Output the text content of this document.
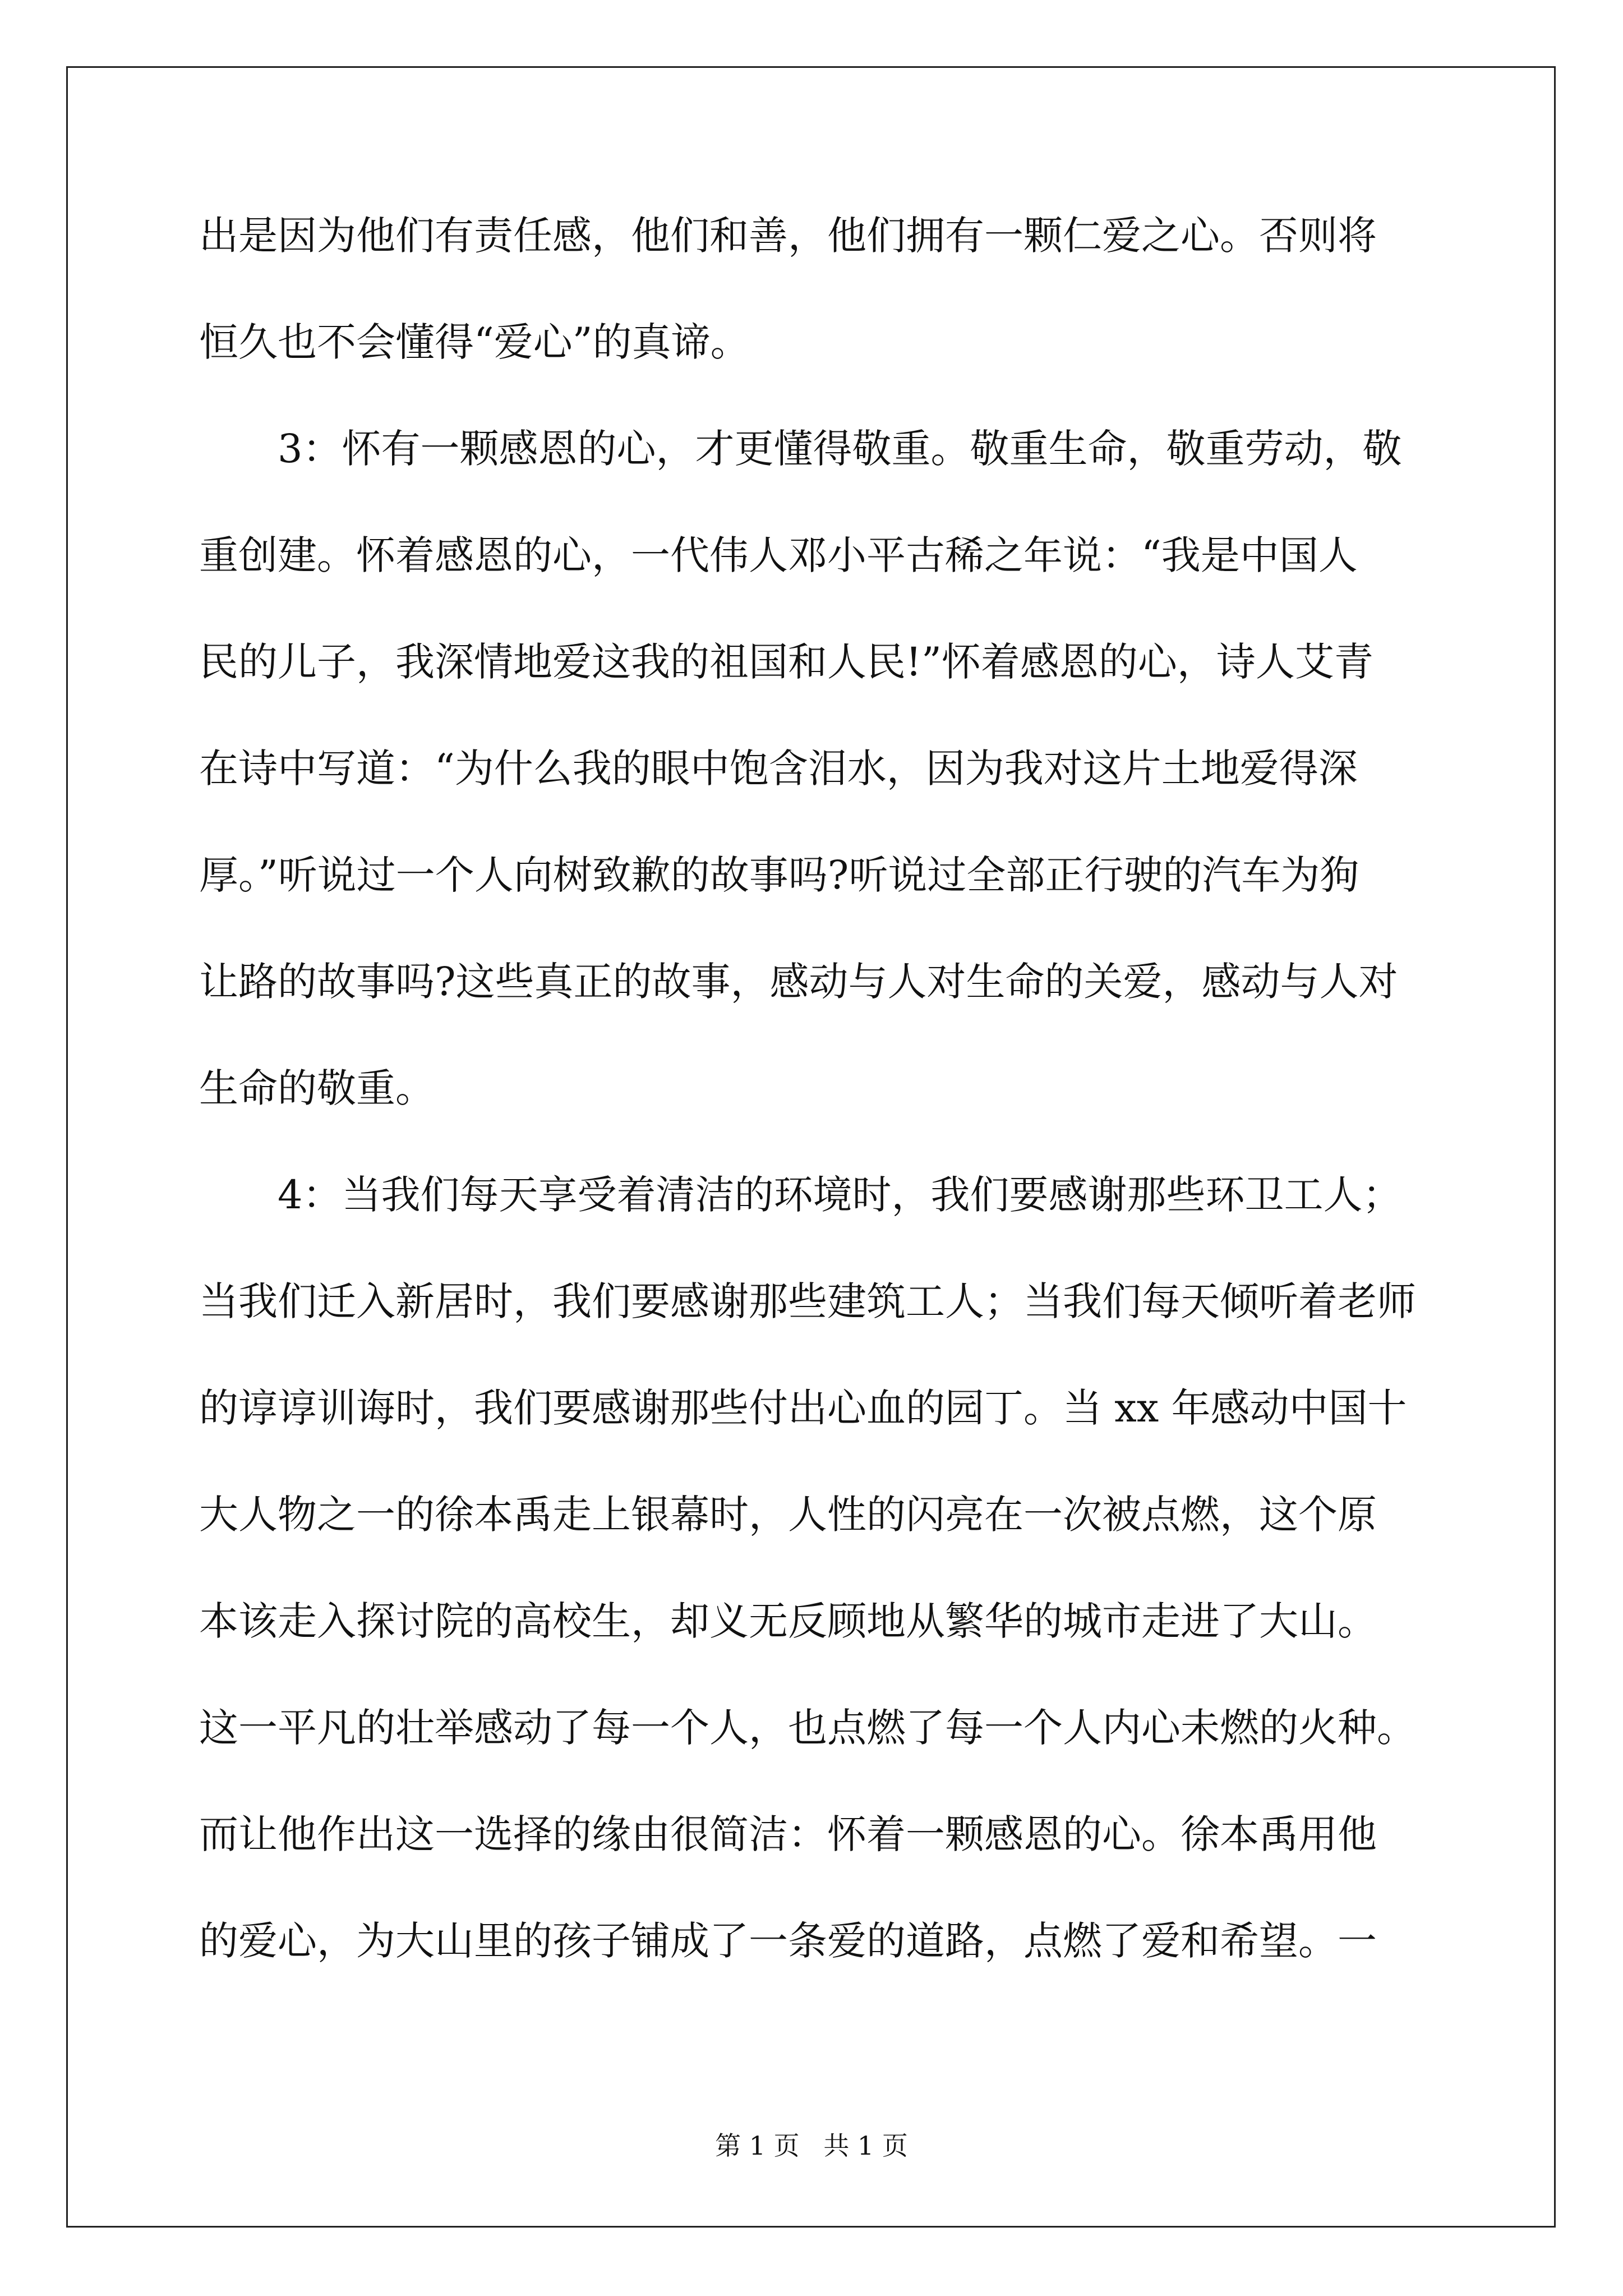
出是因为他们有责任感，他们和善，他们拥有一颗仁爱之心。否则将
恒久也不会懂得“爱心”的真谛。
　　3：怀有一颗感恩的心，才更懂得敬重。敬重生命，敬重劳动，敬
重创建。怀着感恩的心，一代伟人邓小平古稀之年说：“我是中国人
民的儿子，我深情地爱这我的祖国和人民!”怀着感恩的心，诗人艾青
在诗中写道：“为什么我的眼中饱含泪水，因为我对这片土地爱得深
厚。”听说过一个人向树致歉的故事吗?听说过全部正行驶的汽车为狗
让路的故事吗?这些真正的故事，感动与人对生命的关爱，感动与人对
生命的敬重。
　　4：当我们每天享受着清洁的环境时，我们要感谢那些环卫工人；
当我们迁入新居时，我们要感谢那些建筑工人；当我们每天倾听着老师
的谆谆训诲时，我们要感谢那些付出心血的园丁。当 xx 年感动中国十
大人物之一的徐本禹走上银幕时，人性的闪亮在一次被点燃，这个原
本该走入探讨院的高校生，却义无反顾地从繁华的城市走进了大山。
这一平凡的壮举感动了每一个人，也点燃了每一个人内心未燃的火种。
而让他作出这一选择的缘由很简洁：怀着一颗感恩的心。徐本禹用他
的爱心，为大山里的孩子铺成了一条爱的道路，点燃了爱和希望。一
第 1 页 共 1 页
